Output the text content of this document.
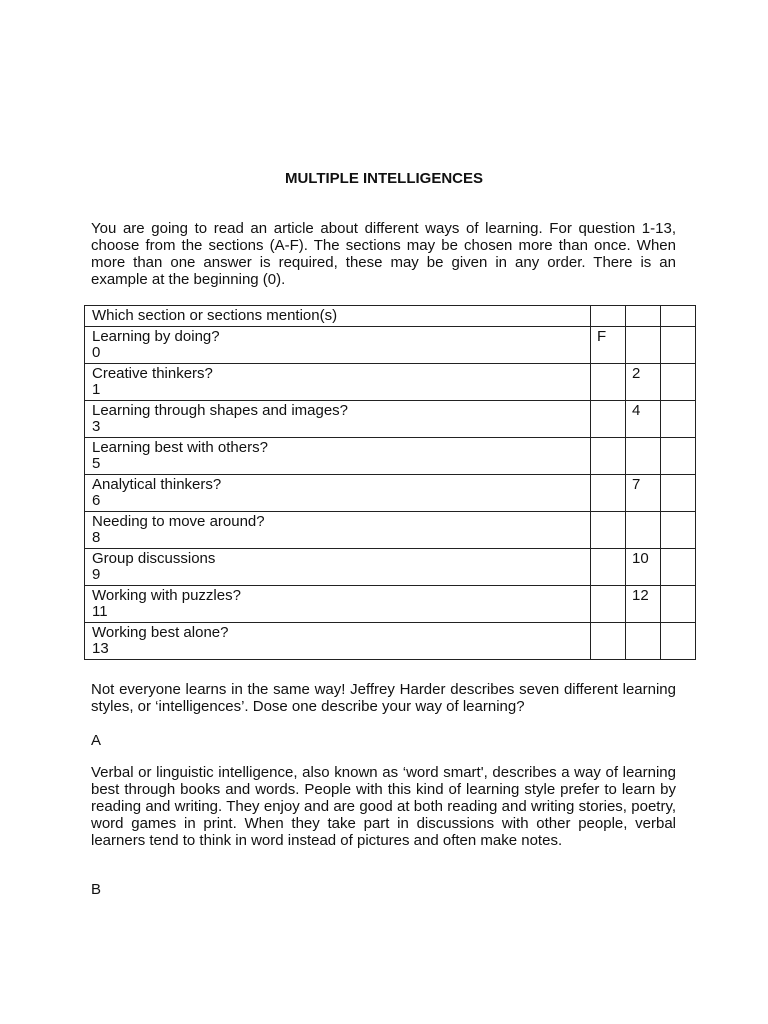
MULTIPLE INTELLIGENCES

You are going to read an article about different ways of learning. For question 1-13, choose from the sections (A-F). The sections may be chosen more than once. When more than one answer is required, these may be given in any order. There is an example at the beginning (0).

Which section or sections mention(s)			

Learning by doing?
0	F		

Creative thinkers?
1		2	

Learning through shapes and images?
3		4	

Learning best with others?
5			

Analytical thinkers?
6		7	

Needing to move around?
8			

Group discussions
9		10	

Working with puzzles?
11		12	

Working best alone?
13			

Not everyone learns in the same way! Jeffrey Harder describes seven different learning styles, or ‘intelligences’. Dose one describe your way of learning?

A

Verbal or linguistic intelligence, also known as ‘word smart', describes a way of learning best through books and words. People with this kind of learning style prefer to learn by reading and writing. They enjoy and are good at both reading and writing stories, poetry, word games in print. When they take part in discussions with other people, verbal learners tend to think in word instead of pictures and often make notes.

B
